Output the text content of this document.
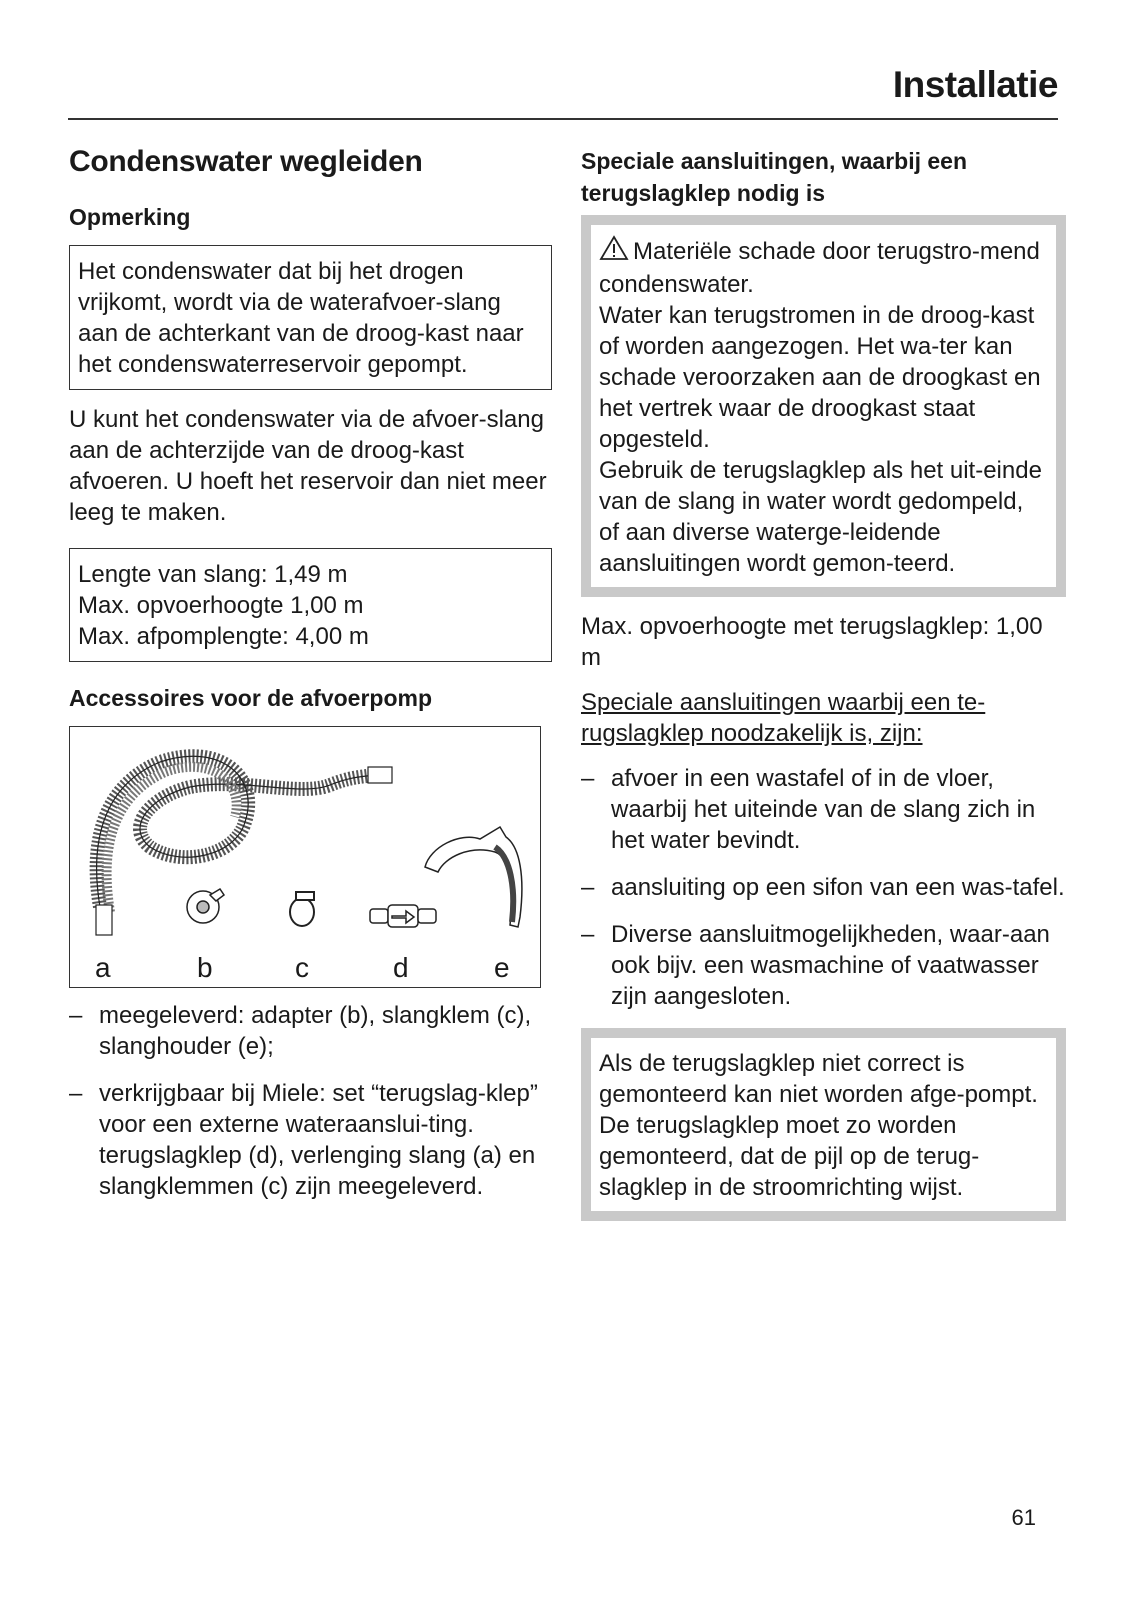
Installatie
Condenswater wegleiden
Opmerking

Het condenswater dat bij het drogen vrijkomt, wordt via de waterafvoer-slang aan de achterkant van de droog-kast naar het condenswaterreservoir gepompt.

U kunt het condenswater via de afvoer-slang aan de achterzijde van de droog-kast afvoeren. U hoeft het reservoir dan niet meer leeg te maken.

Lengte van slang: 1,49 m

Max. opvoerhoogte 1,00 m

Max. afpomplengte: 4,00 m

Accessoires voor de afvoerpomp
a	b	c	d	e
– meegeleverd: adapter (b), slangklem (c), slanghouder (e);
– verkrijgbaar bij Miele: set “terugslag-klep” voor een externe wateraanslui-ting. terugslagklep (d), verlenging slang (a) en slangklemmen (c) zijn meegeleverd.
Speciale aansluitingen, waarbij een terugslagklep nodig is

Materiële schade door terugstro-mend condenswater.

Water kan terugstromen in de droog-kast of worden aangezogen. Het wa-ter kan schade veroorzaken aan de droogkast en het vertrek waar de droogkast staat opgesteld.

Gebruik de terugslagklep als het uit-einde van de slang in water wordt gedompeld, of aan diverse waterge-leidende aansluitingen wordt gemon-teerd.

Max. opvoerhoogte met terugslagklep: 1,00 m

Speciale aansluitingen waarbij een te-rugslagklep noodzakelijk is, zijn:

– afvoer in een wastafel of in de vloer, waarbij het uiteinde van de slang zich in het water bevindt.
– aansluiting op een sifon van een was-tafel.
– Diverse aansluitmogelijkheden, waar-aan ook bijv. een wasmachine of vaatwasser zijn aangesloten.

Als de terugslagklep niet correct is gemonteerd kan niet worden afge-pompt.

De terugslagklep moet zo worden gemonteerd, dat de pijl op de terug-slagklep in de stroomrichting wijst.

61
